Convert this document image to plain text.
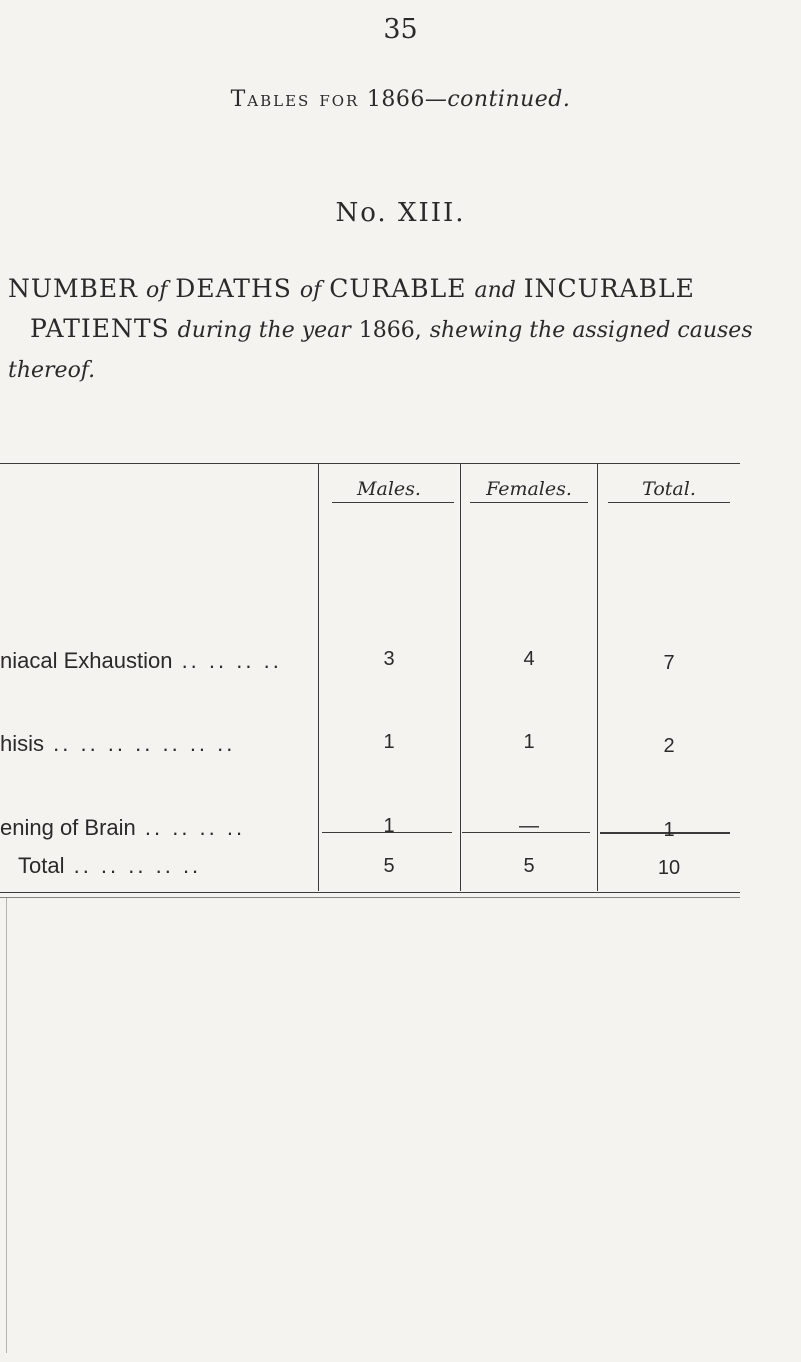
35
Tables for 1866—continued.
No. XIII.
NUMBER of DEATHS of CURABLE and INCURABLE
PATIENTS during the year 1866, shewing the assigned causes
thereof.
Males.	Females.	Total.
niacal Exhaustion .. .. .. ..	3	4	7
hisis .. .. .. .. .. .. ..	1	1	2
ening of Brain .. .. .. ..	1	—	1
Total .. .. .. .. ..	5	5	10
